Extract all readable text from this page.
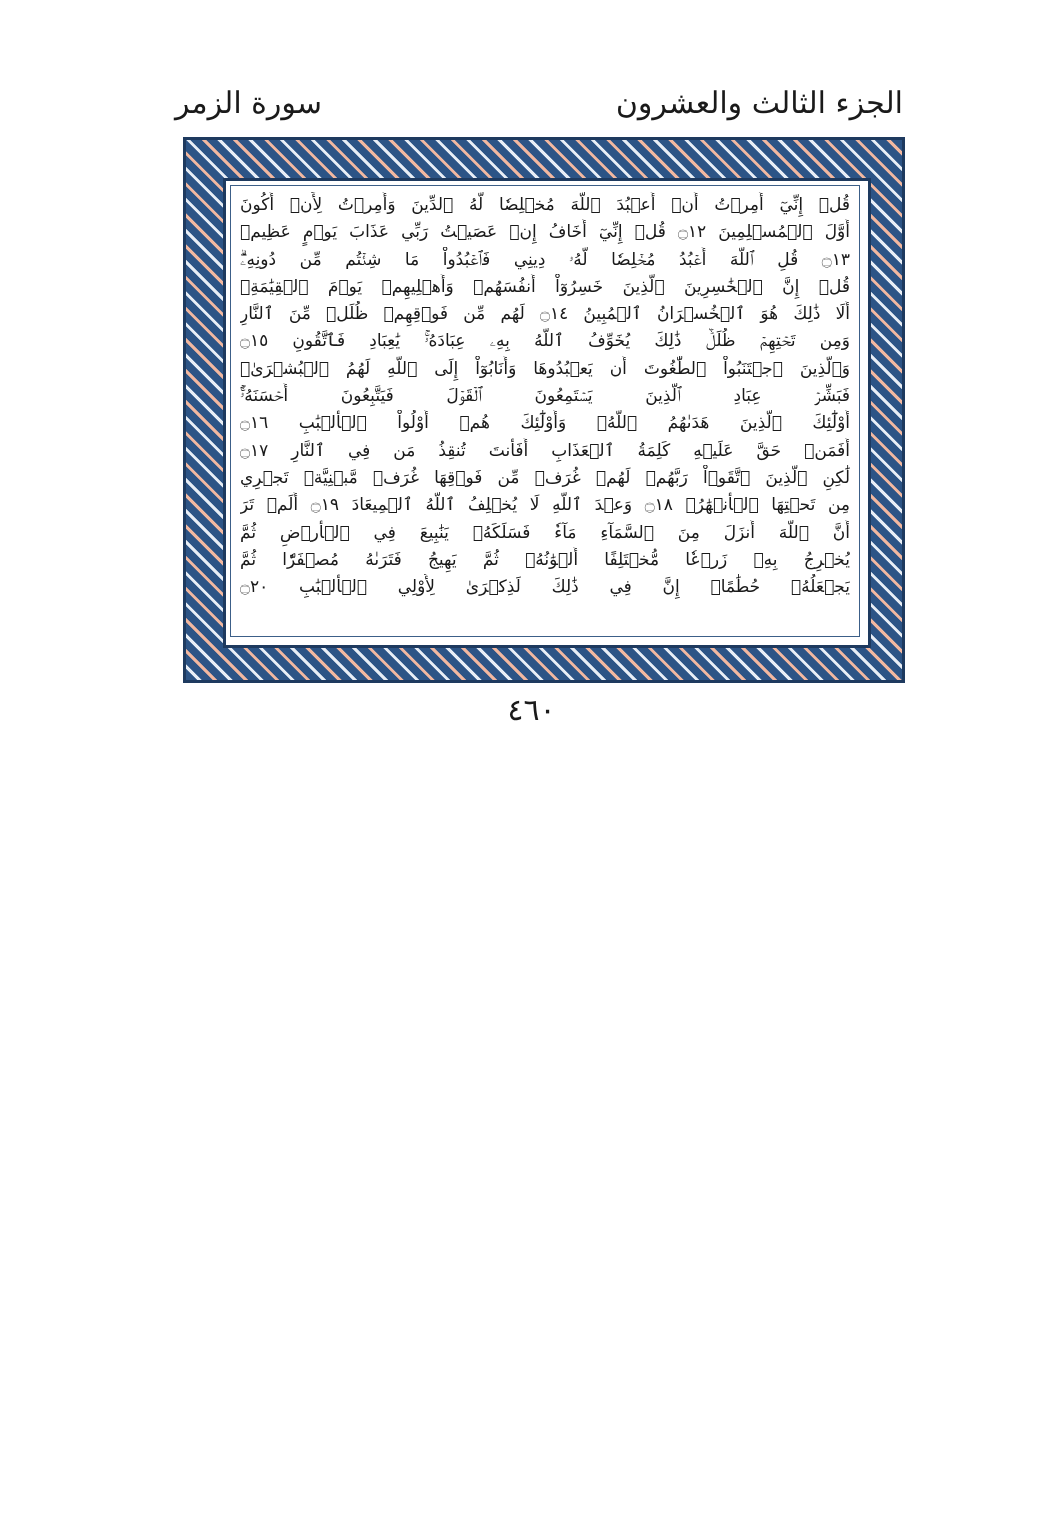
سورة الزمر	الجزء الثالث والعشرون
قُلۡ إِنِّيٓ أُمِرۡتُ أَنۡ أَعۡبُدَ ٱللَّهَ مُخۡلِصٗا لَّهُ ٱلدِّينَ وَأُمِرۡتُ لِأَنۡ أَكُونَ
أَوَّلَ ٱلۡمُسۡلِمِينَ ۝١٢ قُلۡ إِنِّيٓ أَخَافُ إِنۡ عَصَيۡتُ رَبِّي عَذَابَ يَوۡمٍ عَظِيمٖ
۝١٣ قُلِ ٱللَّهَ أَعۡبُدُ مُخۡلِصٗا لَّهُۥ دِينِي فَٱعۡبُدُواْ مَا شِئۡتُم مِّن دُونِهِۦۗ
قُلۡ إِنَّ ٱلۡخَٰسِرِينَ ٱلَّذِينَ خَسِرُوٓاْ أَنفُسَهُمۡ وَأَهۡلِيهِمۡ يَوۡمَ ٱلۡقِيَٰمَةِۗ
أَلَا ذَٰلِكَ هُوَ ٱلۡخُسۡرَانُ ٱلۡمُبِينُ ۝١٤ لَهُم مِّن فَوۡقِهِمۡ ظُلَلٞ مِّنَ ٱلنَّارِ
وَمِن تَحۡتِهِمۡ ظُلَلٞۚ ذَٰلِكَ يُخَوِّفُ ٱللَّهُ بِهِۦ عِبَادَهُۥۚ يَٰعِبَادِ فَٱتَّقُونِ ۝١٥
وَٱلَّذِينَ ٱجۡتَنَبُواْ ٱلطَّٰغُوتَ أَن يَعۡبُدُوهَا وَأَنَابُوٓاْ إِلَى ٱللَّهِ لَهُمُ ٱلۡبُشۡرَىٰۚ
فَبَشِّرۡ عِبَادِ ٱلَّذِينَ يَسۡتَمِعُونَ ٱلۡقَوۡلَ فَيَتَّبِعُونَ أَحۡسَنَهُۥٓۚ
أُوْلَٰٓئِكَ ٱلَّذِينَ هَدَىٰهُمُ ٱللَّهُۖ وَأُوْلَٰٓئِكَ هُمۡ أُوْلُواْ ٱلۡأَلۡبَٰبِ ۝١٦
أَفَمَنۡ حَقَّ عَلَيۡهِ كَلِمَةُ ٱلۡعَذَابِ أَفَأَنتَ تُنقِذُ مَن فِي ٱلنَّارِ ۝١٧
لَٰكِنِ ٱلَّذِينَ ٱتَّقَوۡاْ رَبَّهُمۡ لَهُمۡ غُرَفٞ مِّن فَوۡقِهَا غُرَفٞ مَّبۡنِيَّةٞ تَجۡرِي
مِن تَحۡتِهَا ٱلۡأَنۡهَٰرُۖ ۝١٨ وَعۡدَ ٱللَّهِ لَا يُخۡلِفُ ٱللَّهُ ٱلۡمِيعَادَ ۝١٩ أَلَمۡ تَرَ
أَنَّ ٱللَّهَ أَنزَلَ مِنَ ٱلسَّمَآءِ مَآءٗ فَسَلَكَهُۥ يَنَٰبِيعَ فِي ٱلۡأَرۡضِ ثُمَّ
يُخۡرِجُ بِهِۦ زَرۡعٗا مُّخۡتَلِفًا أَلۡوَٰنُهُۥ ثُمَّ يَهِيجُ فَتَرَىٰهُ مُصۡفَرّٗا ثُمَّ
يَجۡعَلُهُۥ حُطَٰمًاۚ إِنَّ فِي ذَٰلِكَ لَذِكۡرَىٰ لِأُوْلِي ٱلۡأَلۡبَٰبِ ۝٢٠
٤٦٠
